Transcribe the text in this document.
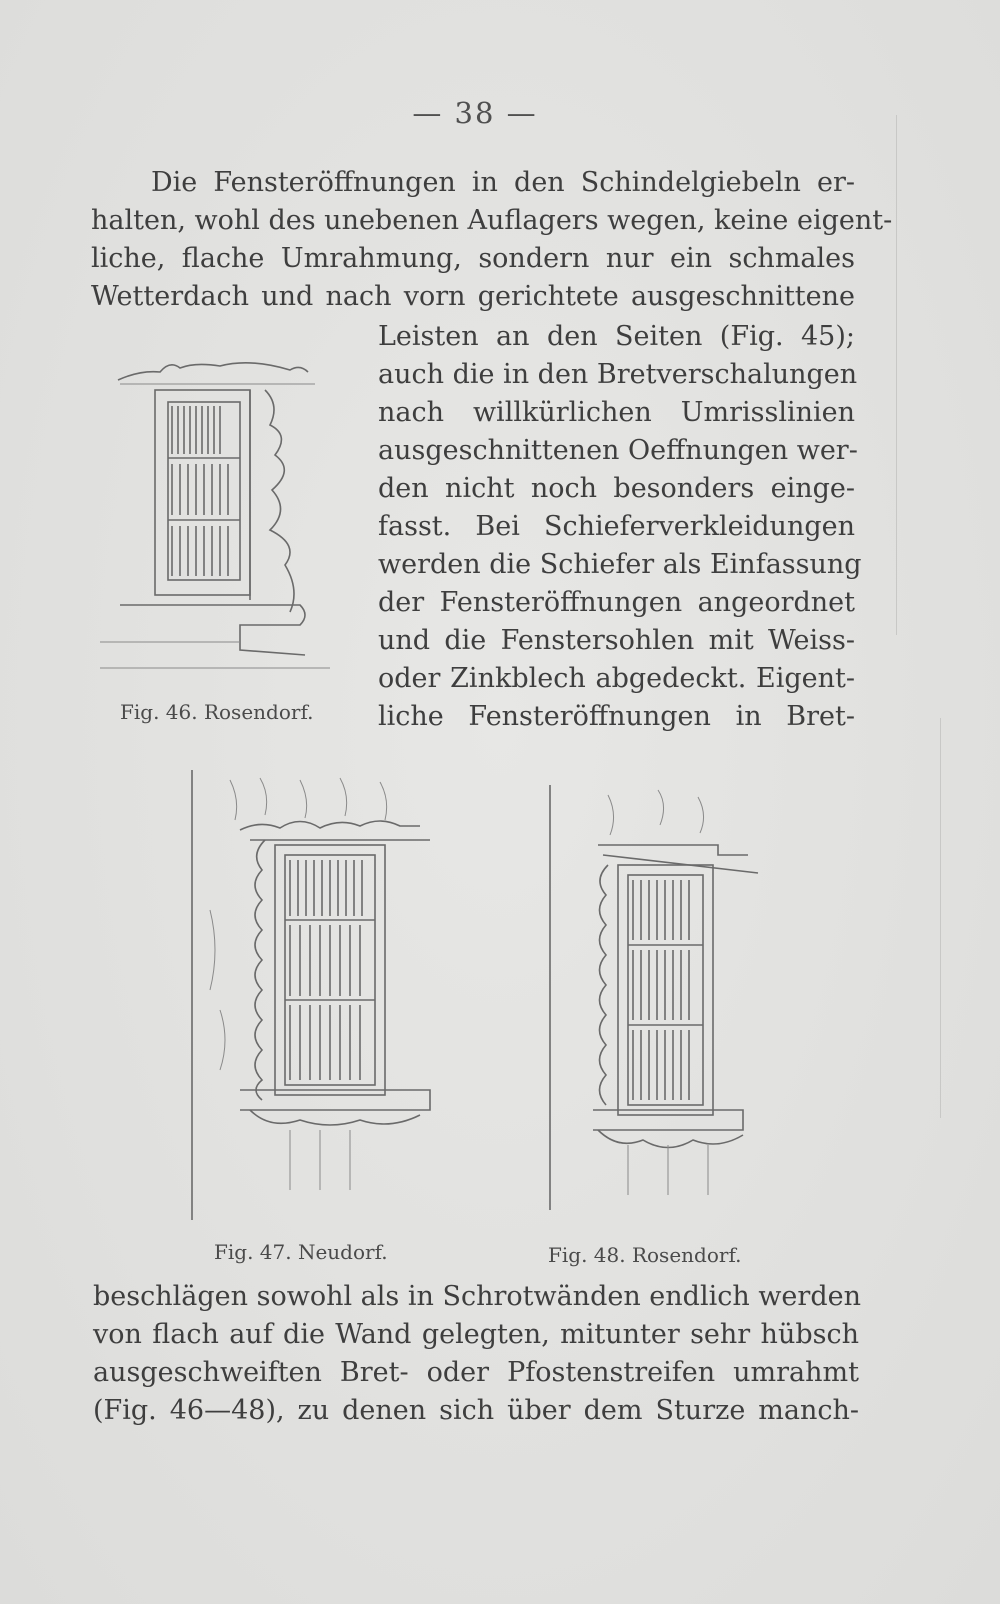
— 38 —
Die Fensteröffnungen in den Schindelgiebeln er-
halten, wohl des unebenen Auflagers wegen, keine eigent-
liche, flache Umrahmung, sondern nur ein schmales
Wetterdach und nach vorn gerichtete ausgeschnittene
Leisten an den Seiten (Fig. 45);
auch die in den Bretverschalungen
nach willkürlichen Umrisslinien
ausgeschnittenen Oeffnungen wer-
den nicht noch besonders einge-
fasst. Bei Schieferverkleidungen
werden die Schiefer als Einfassung
der Fensteröffnungen angeordnet
und die Fenstersohlen mit Weiss-
oder Zinkblech abgedeckt. Eigent-
liche Fensteröffnungen in Bret-
Fig. 46. Rosendorf.
Fig. 47. Neudorf.	Fig. 48. Rosendorf.
beschlägen sowohl als in Schrotwänden endlich werden
von flach auf die Wand gelegten, mitunter sehr hübsch
ausgeschweiften Bret- oder Pfostenstreifen umrahmt
(Fig. 46—48), zu denen sich über dem Sturze manch-
